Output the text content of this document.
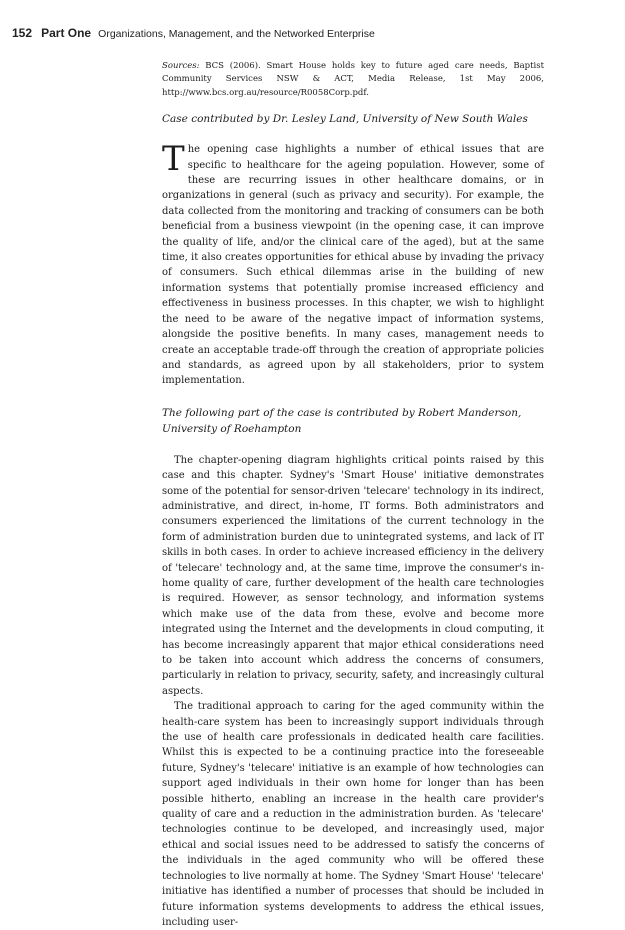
152 Part One Organizations, Management, and the Networked Enterprise

Sources: BCS (2006). Smart House holds key to future aged care needs, Baptist Community Services NSW & ACT, Media Release, 1st May 2006, http://www.bcs.org.au/resource/R0058Corp.pdf.

Case contributed by Dr. Lesley Land, University of New South Wales

The opening case highlights a number of ethical issues that are specific to healthcare for the ageing population. However, some of these are recurring issues in other healthcare domains, or in organizations in general (such as privacy and security). For example, the data collected from the monitoring and tracking of consumers can be both beneficial from a business viewpoint (in the opening case, it can improve the quality of life, and/or the clinical care of the aged), but at the same time, it also creates opportunities for ethical abuse by invading the privacy of consumers. Such ethical dilemmas arise in the building of new information systems that potentially promise increased efficiency and effectiveness in business processes. In this chapter, we wish to highlight the need to be aware of the negative impact of information systems, alongside the positive benefits. In many cases, management needs to create an acceptable trade-off through the creation of appropriate policies and standards, as agreed upon by all stakeholders, prior to system implementation.

The following part of the case is contributed by Robert Manderson, University of Roehampton

The chapter-opening diagram highlights critical points raised by this case and this chapter. Sydney's 'Smart House' initiative demonstrates some of the potential for sensor-driven 'telecare' technology in its indirect, administrative, and direct, in-home, IT forms. Both administrators and consumers experienced the limitations of the current technology in the form of administration burden due to unintegrated systems, and lack of IT skills in both cases. In order to achieve increased efficiency in the delivery of 'telecare' technology and, at the same time, improve the consumer's in-home quality of care, further development of the health care technologies is required. However, as sensor technology, and information systems which make use of the data from these, evolve and become more integrated using the Internet and the developments in cloud computing, it has become increasingly apparent that major ethical considerations need to be taken into account which address the concerns of consumers, particularly in relation to privacy, security, safety, and increasingly cultural aspects.

The traditional approach to caring for the aged community within the health-care system has been to increasingly support individuals through the use of health care professionals in dedicated health care facilities. Whilst this is expected to be a continuing practice into the foreseeable future, Sydney's 'telecare' initiative is an example of how technologies can support aged individuals in their own home for longer than has been possible hitherto, enabling an increase in the health care provider's quality of care and a reduction in the administration burden. As 'telecare' technologies continue to be developed, and increasingly used, major ethical and social issues need to be addressed to satisfy the concerns of the individuals in the aged community who will be offered these technologies to live normally at home. The Sydney 'Smart House' 'telecare' initiative has identified a number of processes that should be included in future information systems developments to address the ethical issues, including user-
